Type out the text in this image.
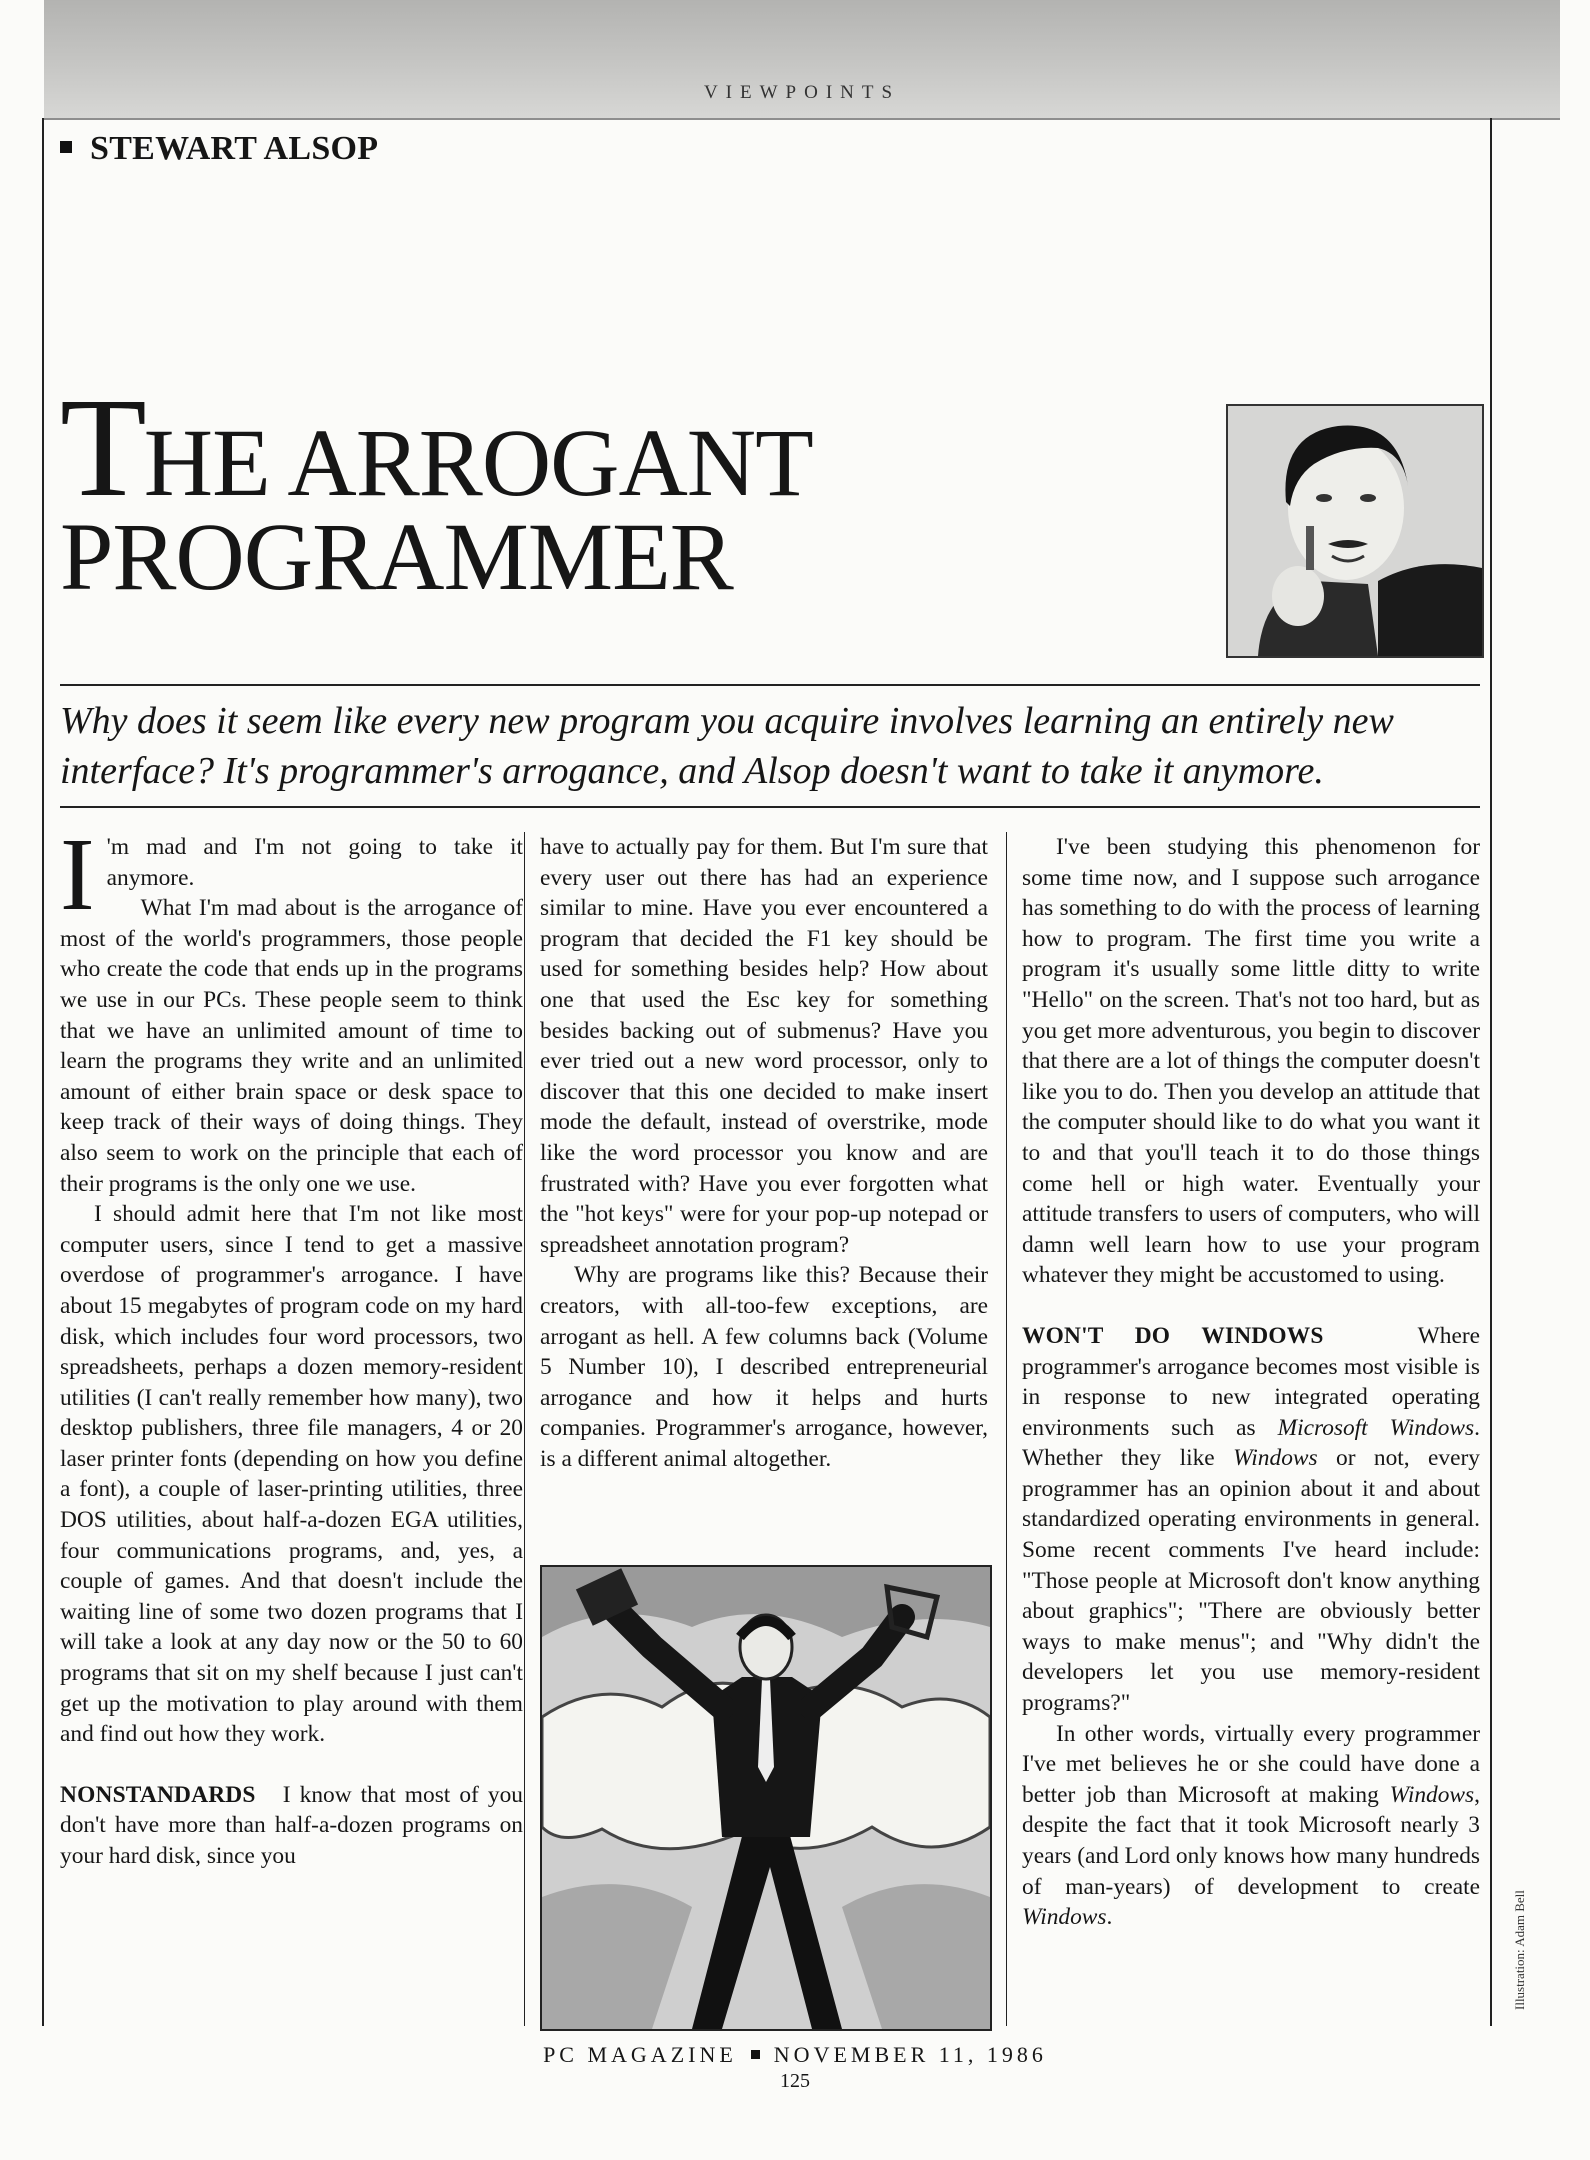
VIEWPOINTS
STEWART ALSOP
THE ARROGANT
PROGRAMMER

Why does it seem like every new program you acquire involves learning an entirely new interface? It's programmer's arrogance, and Alsop doesn't want to take it anymore.

I 'm mad and I'm not going to take it anymore.

What I'm mad about is the arrogance of most of the world's programmers, those people who create the code that ends up in the programs we use in our PCs. These people seem to think that we have an unlimited amount of time to learn the programs they write and an unlimited amount of either brain space or desk space to keep track of their ways of doing things. They also seem to work on the principle that each of their programs is the only one we use.

I should admit here that I'm not like most computer users, since I tend to get a massive overdose of programmer's arrogance. I have about 15 megabytes of program code on my hard disk, which includes four word processors, two spreadsheets, perhaps a dozen memory-resident utilities (I can't really remember how many), two desktop publishers, three file managers, 4 or 20 laser printer fonts (depending on how you define a font), a couple of laser-printing utilities, three DOS utilities, about half-a-dozen EGA utilities, four communications programs, and, yes, a couple of games. And that doesn't include the waiting line of some two dozen programs that I will take a look at any day now or the 50 to 60 programs that sit on my shelf because I just can't get up the motivation to play around with them and find out how they work.

NONSTANDARDS I know that most of you don't have more than half-a-dozen programs on your hard disk, since you

have to actually pay for them. But I'm sure that every user out there has had an experience similar to mine. Have you ever encountered a program that decided the F1 key should be used for something besides help? How about one that used the Esc key for something besides backing out of submenus? Have you ever tried out a new word processor, only to discover that this one decided to make insert mode the default, instead of overstrike, mode like the word processor you know and are frustrated with? Have you ever forgotten what the "hot keys" were for your pop-up notepad or spreadsheet annotation program?

Why are programs like this? Because their creators, with all-too-few exceptions, are arrogant as hell. A few columns back (Volume 5 Number 10), I described entrepreneurial arrogance and how it helps and hurts companies. Programmer's arrogance, however, is a different animal altogether.

I've been studying this phenomenon for some time now, and I suppose such arrogance has something to do with the process of learning how to program. The first time you write a program it's usually some little ditty to write "Hello" on the screen. That's not too hard, but as you get more adventurous, you begin to discover that there are a lot of things the computer doesn't like you to do. Then you develop an attitude that the computer should like to do what you want it to and that you'll teach it to do those things come hell or high water. Eventually your attitude transfers to users of computers, who will damn well learn how to use your program whatever they might be accustomed to using.

WON'T DO WINDOWS	Where programmer's arrogance becomes most visible is in response to new integrated operating environments such as Microsoft Windows. Whether they like Windows or not, every programmer has an opinion about it and about standardized operating environments in general. Some recent comments I've heard include: "Those people at Microsoft don't know anything about graphics"; "There are obviously better ways to make menus"; and "Why didn't the developers let you use memory-resident programs?"

In other words, virtually every programmer I've met believes he or she could have done a better job than Microsoft at making Windows, despite the fact that it took Microsoft nearly 3 years (and Lord only knows how many hundreds of man-years) of development to create Windows.	Illustration: Adam Bell
PC MAGAZINE NOVEMBER 11, 1986
125
